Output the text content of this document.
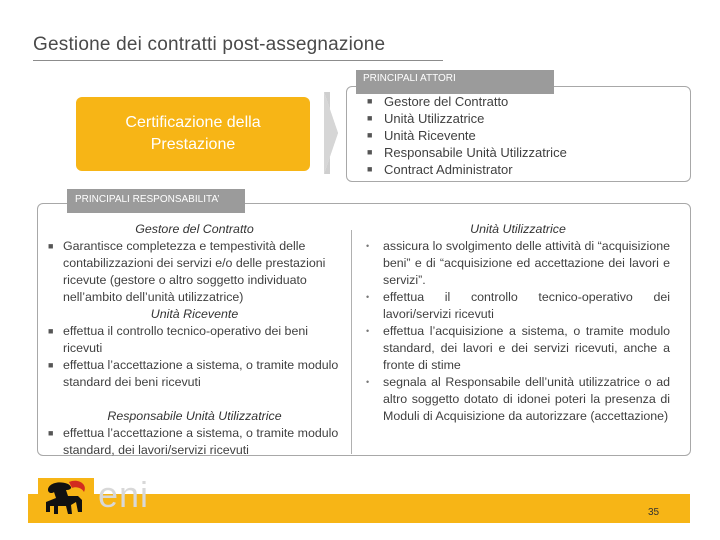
Gestione dei contratti post-assegnazione
PRINCIPALI ATTORI
■ Gestore del Contratto
■ Unità Utilizzatrice
■ Unità Ricevente
■ Responsabile Unità Utilizzatrice
■ Contract Administrator
Certificazione della
Prestazione
PRINCIPALI RESPONSABILITA’
Gestore del Contratto
■ Garantisce completezza e tempestività delle contabilizzazioni dei servizi e/o delle prestazioni ricevute (gestore o altro soggetto individuato nell’ambito dell’unità utilizzatrice)
Unità Ricevente
■ effettua il controllo tecnico-operativo dei beni ricevuti
■ effettua l’accettazione a sistema, o tramite modulo standard dei beni ricevuti
Responsabile Unità Utilizzatrice
■ effettua l’accettazione a sistema, o tramite modulo standard, dei lavori/servizi ricevuti
Unità Utilizzatrice
•	assicura lo svolgimento delle attività di “acquisizione beni” e di “acquisizione ed accettazione dei lavori e servizi”.
•	effettua il controllo tecnico-operativo dei lavori/servizi ricevuti
•	effettua l’acquisizione a sistema, o tramite modulo standard, dei lavori e dei servizi ricevuti, anche a fronte di stime
•	segnala al Responsabile dell’unità utilizzatrice o ad altro soggetto dotato di idonei poteri la presenza di Moduli di Acquisizione da autorizzare (accettazione)
eni	35
